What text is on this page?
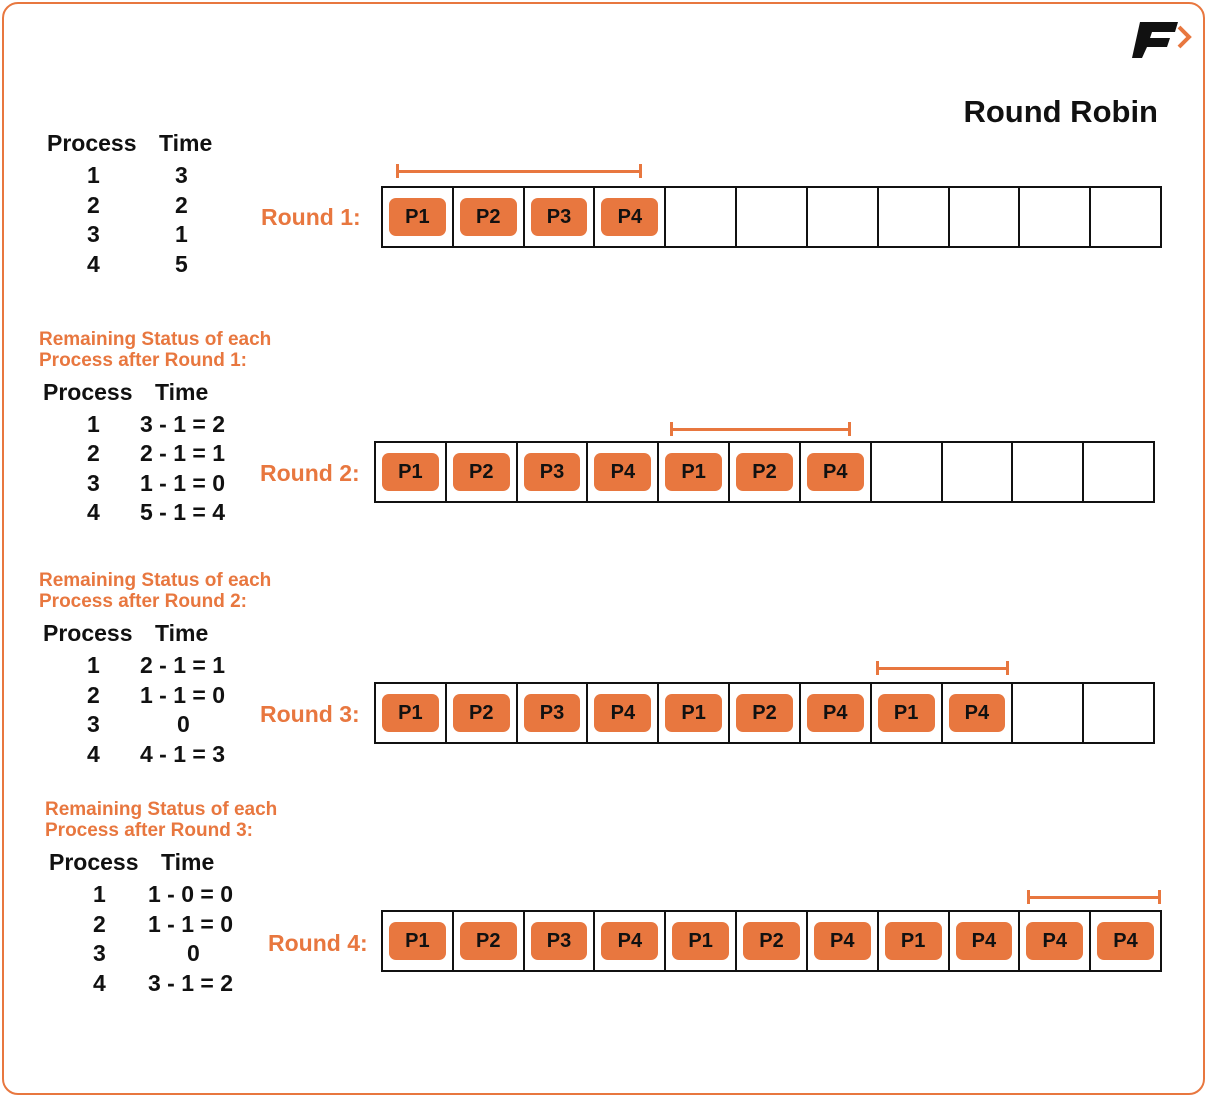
Round Robin
Process Time
1	3
2	2
3	1
4	5
Remaining Status of each
Process after Round 1:
Process Time
1 3 - 1 = 2
2 2 - 1 = 1
3 1 - 1 = 0
4 5 - 1 = 4
Remaining Status of each
Process after Round 2:
Process Time
1 2 - 1 = 1
2 1 - 1 = 0
3	0
4 4 - 1 = 3
Remaining Status of each
Process after Round 3:
Process Time
1 1 - 0 = 0
2 1 - 1 = 0
3	0
4 3 - 1 = 2
Round 1:
Round 2:
Round 3:
Round 4:
P1	P2	P3	P4
P1	P2	P3	P4	P1	P2	P4
P1	P2	P3	P4	P1	P2	P4	P1	P4
P1	P2	P3	P4	P1	P2	P4	P1	P4	P4	P4
